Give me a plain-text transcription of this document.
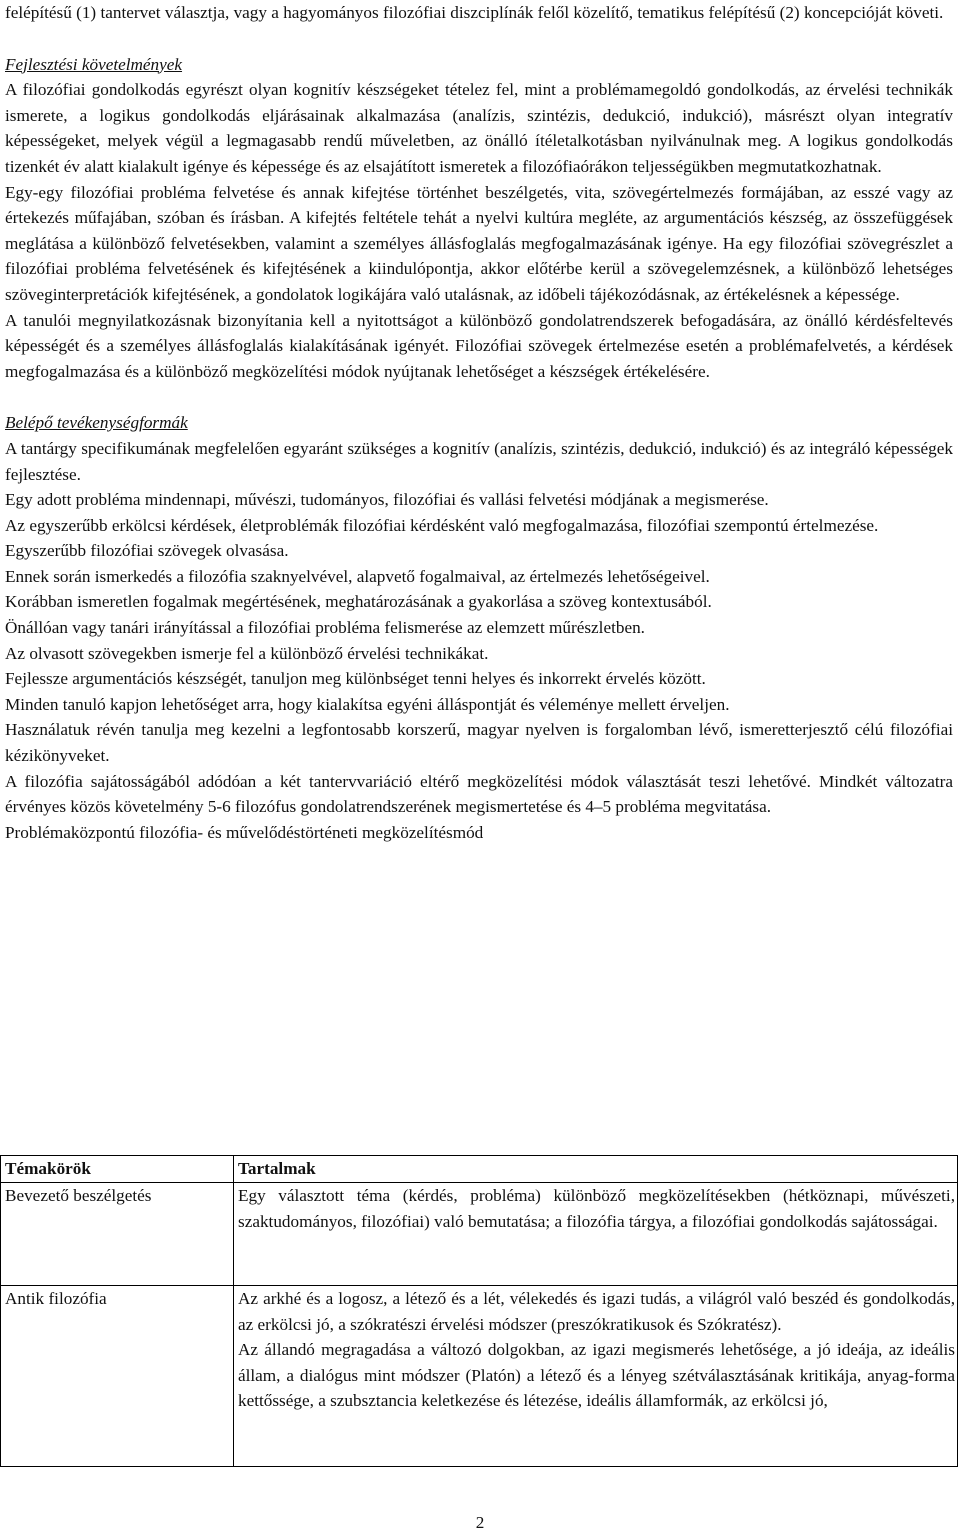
felépítésű (1) tantervet választja, vagy a hagyományos filozófiai diszciplínák felől közelítő, tematikus felépítésű (2) koncepcióját követi.

Fejlesztési követelmények

A filozófiai gondolkodás egyrészt olyan kognitív készségeket tételez fel, mint a problémamegoldó gondolkodás, az érvelési technikák ismerete, a logikus gondolkodás eljárásainak alkalmazása (analízis, szintézis, dedukció, indukció), másrészt olyan integratív képességeket, melyek végül a legmagasabb rendű műveletben, az önálló ítéletalkotásban nyilvánulnak meg. A logikus gondolkodás tizenkét év alatt kialakult igénye és képessége és az elsajátított ismeretek a filozófiaórákon teljességükben megmutatkozhatnak.

Egy-egy filozófiai probléma felvetése és annak kifejtése történhet beszélgetés, vita, szövegértelmezés formájában, az esszé vagy az értekezés műfajában, szóban és írásban. A kifejtés feltétele tehát a nyelvi kultúra megléte, az argumentációs készség, az összefüggések meglátása a különböző felvetésekben, valamint a személyes állásfoglalás megfogalmazásának igénye. Ha egy filozófiai szövegrészlet a filozófiai probléma felvetésének és kifejtésének a kiindulópontja, akkor előtérbe kerül a szövegelemzésnek, a különböző lehetséges szöveginterpretációk kifejtésének, a gondolatok logikájára való utalásnak, az időbeli tájékozódásnak, az értékelésnek a képessége.

A tanulói megnyilatkozásnak bizonyítania kell a nyitottságot a különböző gondolatrendszerek befogadására, az önálló kérdésfeltevés képességét és a személyes állásfoglalás kialakításának igényét. Filozófiai szövegek értelmezése esetén a problémafelvetés, a kérdések megfogalmazása és a különböző megközelítési módok nyújtanak lehetőséget a készségek értékelésére.

Belépő tevékenységformák

A tantárgy specifikumának megfelelően egyaránt szükséges a kognitív (analízis, szintézis, dedukció, indukció) és az integráló képességek fejlesztése.

Egy adott probléma mindennapi, művészi, tudományos, filozófiai és vallási felvetési módjának a megismerése.

Az egyszerűbb erkölcsi kérdések, életproblémák filozófiai kérdésként való megfogalmazása, filozófiai szempontú értelmezése.

Egyszerűbb filozófiai szövegek olvasása.

Ennek során ismerkedés a filozófia szaknyelvével, alapvető fogalmaival, az értelmezés lehetőségeivel.

Korábban ismeretlen fogalmak megértésének, meghatározásának a gyakorlása a szöveg kontextusából.

Önállóan vagy tanári irányítással a filozófiai probléma felismerése az elemzett műrészletben.

Az olvasott szövegekben ismerje fel a különböző érvelési technikákat.

Fejlessze argumentációs készségét, tanuljon meg különbséget tenni helyes és inkorrekt érvelés között.

Minden tanuló kapjon lehetőséget arra, hogy kialakítsa egyéni álláspontját és véleménye mellett érveljen.

Használatuk révén tanulja meg kezelni a legfontosabb korszerű, magyar nyelven is forgalomban lévő, ismeretterjesztő célú filozófiai kézikönyveket.

A filozófia sajátosságából adódóan a két tantervvariáció eltérő megközelítési módok választását teszi lehetővé. Mindkét változatra érvényes közös követelmény 5-6 filozófus gondolatrendszerének megismertetése és 4–5 probléma megvitatása.

Problémaközpontú filozófia- és művelődéstörténeti megközelítésmód

Témakörök	Tartalmak
Bevezető beszélgetés	Egy választott téma (kérdés, probléma) különböző megközelítésekben (hétköznapi, művészeti, szaktudományos, filozófiai) való bemutatása; a filozófia tárgya, a filozófiai gondolkodás sajátosságai.

Antik filozófia	Az arkhé és a logosz, a létező és a lét, vélekedés és igazi tudás, a világról való beszéd és gondolkodás, az erkölcsi jó, a szókratészi érvelési módszer (preszókratikusok és Szókratész).

Az állandó megragadása a változó dolgokban, az igazi megismerés lehetősége, a jó ideája, az ideális állam, a dialógus mint módszer (Platón) a létező és a lényeg szétválasztásának kritikája, anyag-forma kettőssége, a szubsztancia keletkezése és létezése, ideális államformák, az erkölcsi jó,

2
